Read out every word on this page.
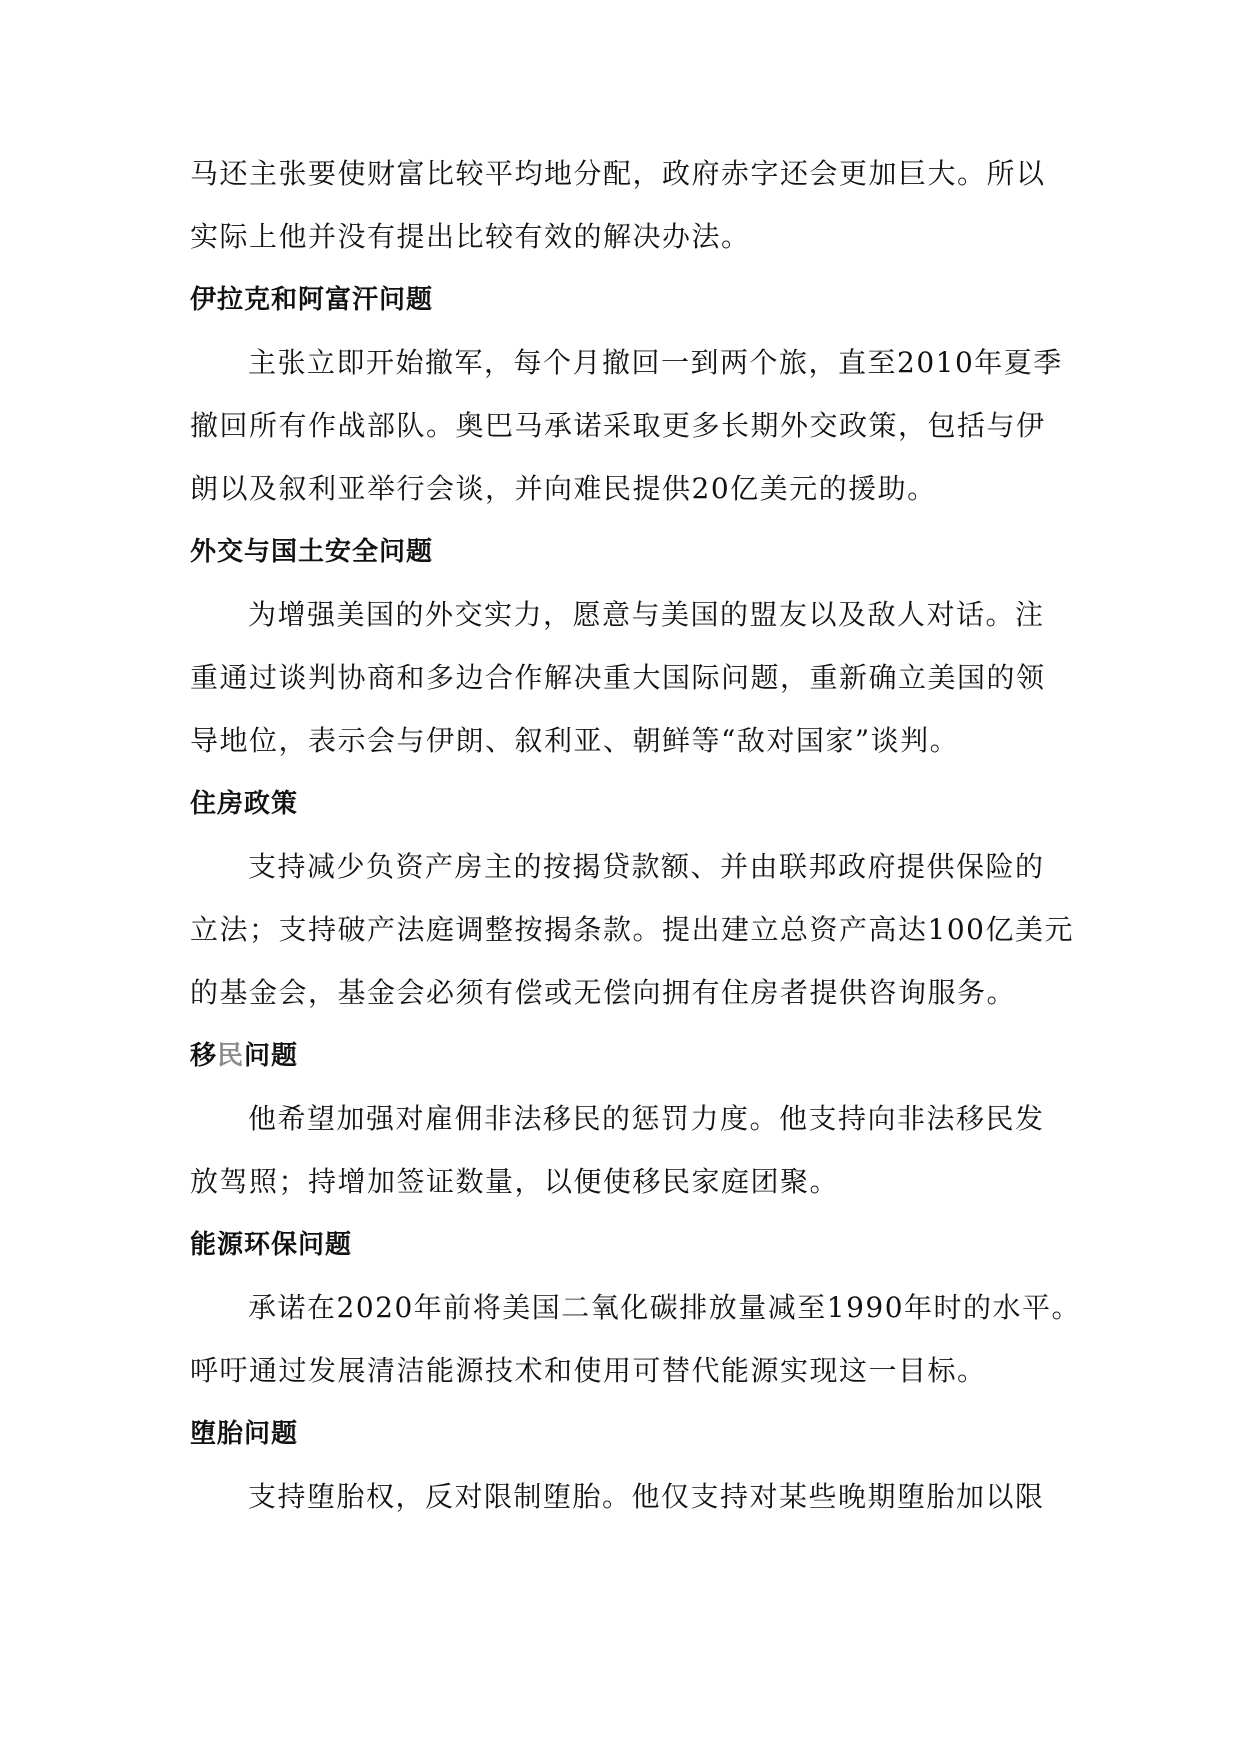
马还主张要使财富比较平均地分配，政府赤字还会更加巨大。所以
实际上他并没有提出比较有效的解决办法。
伊拉克和阿富汗问题
主张立即开始撤军，每个月撤回一到两个旅，直至2010年夏季
撤回所有作战部队。奥巴马承诺采取更多长期外交政策，包括与伊
朗以及叙利亚举行会谈，并向难民提供20亿美元的援助。
外交与国土安全问题
为增强美国的外交实力，愿意与美国的盟友以及敌人对话。注
重通过谈判协商和多边合作解决重大国际问题，重新确立美国的领
导地位，表示会与伊朗、叙利亚、朝鲜等“敌对国家”谈判。
住房政策
支持减少负资产房主的按揭贷款额、并由联邦政府提供保险的
立法；支持破产法庭调整按揭条款。提出建立总资产高达100亿美元
的基金会，基金会必须有偿或无偿向拥有住房者提供咨询服务。
移民问题
他希望加强对雇佣非法移民的惩罚力度。他支持向非法移民发
放驾照；持增加签证数量，以便使移民家庭团聚。
能源环保问题
承诺在2020年前将美国二氧化碳排放量减至1990年时的水平。
呼吁通过发展清洁能源技术和使用可替代能源实现这一目标。
堕胎问题
支持堕胎权，反对限制堕胎。他仅支持对某些晚期堕胎加以限
